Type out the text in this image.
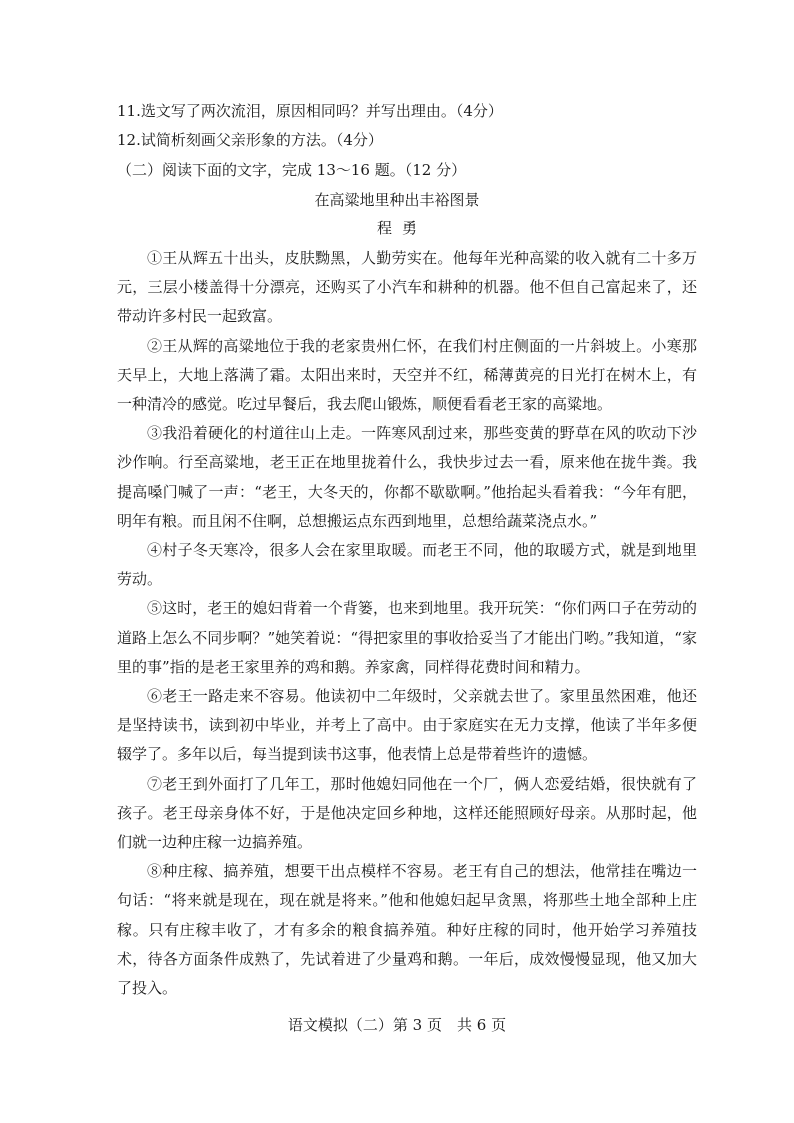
11.选文写了两次流泪，原因相同吗？并写出理由。（4分）
12.试简析刻画父亲形象的方法。（4分）
（二）阅读下面的文字，完成 13～16 题。（12 分）
在高粱地里种出丰裕图景
程勇

①王从辉五十出头，皮肤黝黑，人勤劳实在。他每年光种高粱的收入就有二十多万元，三层小楼盖得十分漂亮，还购买了小汽车和耕种的机器。他不但自己富起来了，还带动许多村民一起致富。

②王从辉的高粱地位于我的老家贵州仁怀，在我们村庄侧面的一片斜坡上。小寒那天早上，大地上落满了霜。太阳出来时，天空并不红，稀薄黄亮的日光打在树木上，有一种清冷的感觉。吃过早餐后，我去爬山锻炼，顺便看看老王家的高粱地。

③我沿着硬化的村道往山上走。一阵寒风刮过来，那些变黄的野草在风的吹动下沙沙作响。行至高粱地，老王正在地里拢着什么，我快步过去一看，原来他在拢牛粪。我提高嗓门喊了一声：“老王，大冬天的，你都不歇歇啊。”他抬起头看着我：“今年有肥，明年有粮。而且闲不住啊，总想搬运点东西到地里，总想给蔬菜浇点水。”

④村子冬天寒冷，很多人会在家里取暖。而老王不同，他的取暖方式，就是到地里劳动。

⑤这时，老王的媳妇背着一个背篓，也来到地里。我开玩笑：“你们两口子在劳动的道路上怎么不同步啊？”她笑着说：“得把家里的事收拾妥当了才能出门哟。”我知道，“家里的事”指的是老王家里养的鸡和鹅。养家禽，同样得花费时间和精力。

⑥老王一路走来不容易。他读初中二年级时，父亲就去世了。家里虽然困难，他还是坚持读书，读到初中毕业，并考上了高中。由于家庭实在无力支撑，他读了半年多便辍学了。多年以后，每当提到读书这事，他表情上总是带着些许的遗憾。

⑦老王到外面打了几年工，那时他媳妇同他在一个厂，俩人恋爱结婚，很快就有了孩子。老王母亲身体不好，于是他决定回乡种地，这样还能照顾好母亲。从那时起，他们就一边种庄稼一边搞养殖。

⑧种庄稼、搞养殖，想要干出点模样不容易。老王有自己的想法，他常挂在嘴边一句话：“将来就是现在，现在就是将来。”他和他媳妇起早贪黑，将那些土地全部种上庄稼。只有庄稼丰收了，才有多余的粮食搞养殖。种好庄稼的同时，他开始学习养殖技术，待各方面条件成熟了，先试着进了少量鸡和鹅。一年后，成效慢慢显现，他又加大了投入。

语文模拟（二）第 3 页　共 6 页
